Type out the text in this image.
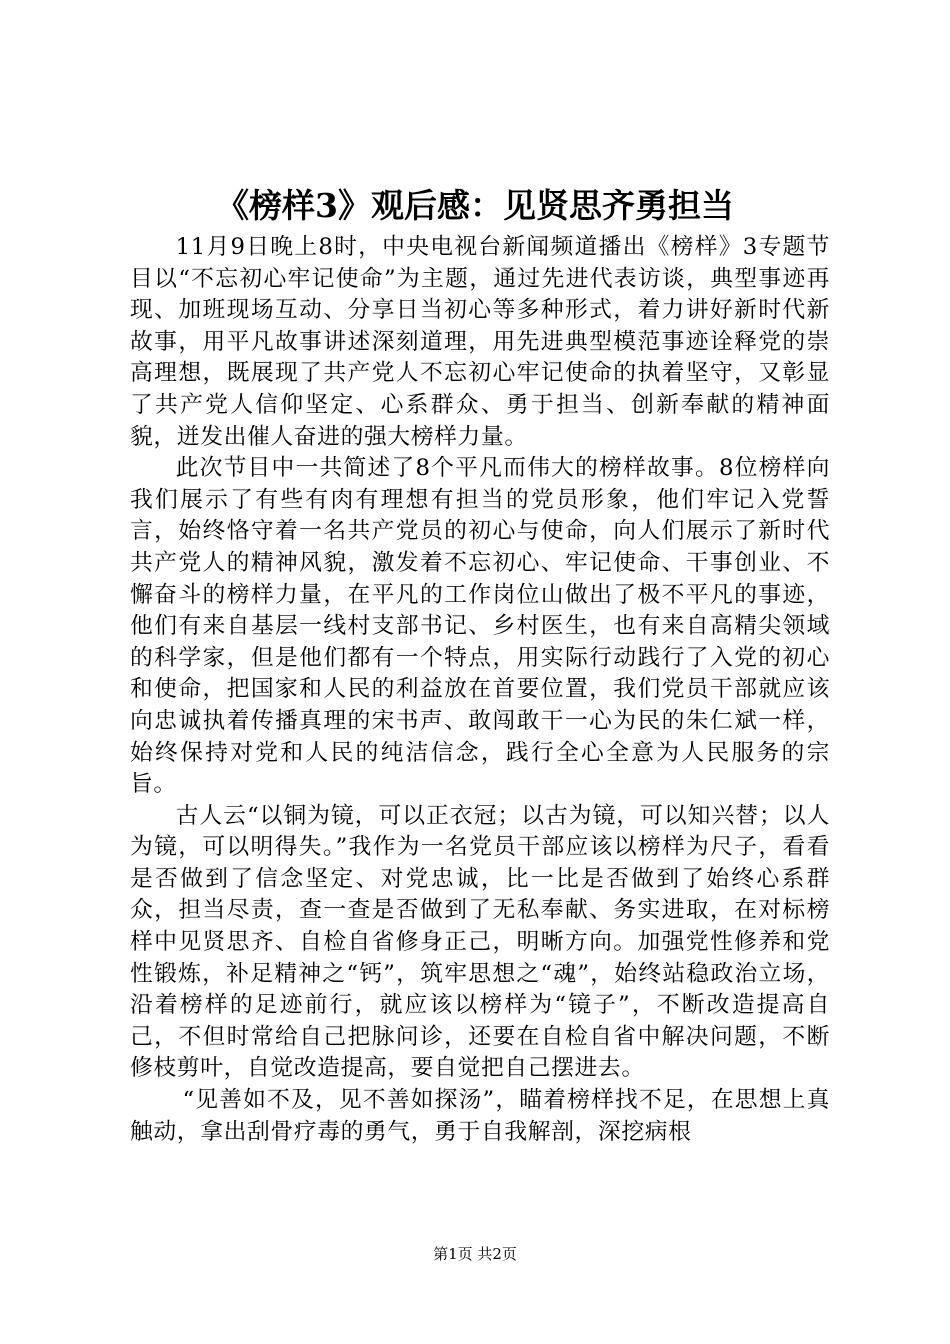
《榜样3》观后感：见贤思齐勇担当

11月9日晚上8时，中央电视台新闻频道播出《榜样》3专题节目以“不忘初心牢记使命”为主题，通过先进代表访谈，典型事迹再现、加班现场互动、分享日当初心等多种形式，着力讲好新时代新故事，用平凡故事讲述深刻道理，用先进典型模范事迹诠释党的崇高理想，既展现了共产党人不忘初心牢记使命的执着坚守，又彰显了共产党人信仰坚定、心系群众、勇于担当、创新奉献的精神面貌，迸发出催人奋进的强大榜样力量。

此次节目中一共简述了8个平凡而伟大的榜样故事。8位榜样向我们展示了有些有肉有理想有担当的党员形象，他们牢记入党誓言，始终恪守着一名共产党员的初心与使命，向人们展示了新时代共产党人的精神风貌，激发着不忘初心、牢记使命、干事创业、不懈奋斗的榜样力量，在平凡的工作岗位山做出了极不平凡的事迹，他们有来自基层一线村支部书记、乡村医生，也有来自高精尖领域的科学家，但是他们都有一个特点，用实际行动践行了入党的初心和使命，把国家和人民的利益放在首要位置，我们党员干部就应该向忠诚执着传播真理的宋书声、敢闯敢干一心为民的朱仁斌一样，始终保持对党和人民的纯洁信念，践行全心全意为人民服务的宗旨。

古人云“以铜为镜，可以正衣冠；以古为镜，可以知兴替；以人为镜，可以明得失。”我作为一名党员干部应该以榜样为尺子，看看是否做到了信念坚定、对党忠诚，比一比是否做到了始终心系群众，担当尽责，查一查是否做到了无私奉献、务实进取，在对标榜样中见贤思齐、自检自省修身正己，明晰方向。加强党性修养和党性锻炼，补足精神之“钙”，筑牢思想之“魂”，始终站稳政治立场，沿着榜样的足迹前行，就应该以榜样为“镜子”，不断改造提高自己，不但时常给自己把脉问诊，还要在自检自省中解决问题，不断修枝剪叶，自觉改造提高，要自觉把自己摆进去。

“见善如不及，见不善如探汤”，瞄着榜样找不足，在思想上真触动，拿出刮骨疗毒的勇气，勇于自我解剖，深挖病根

第1页 共2页
